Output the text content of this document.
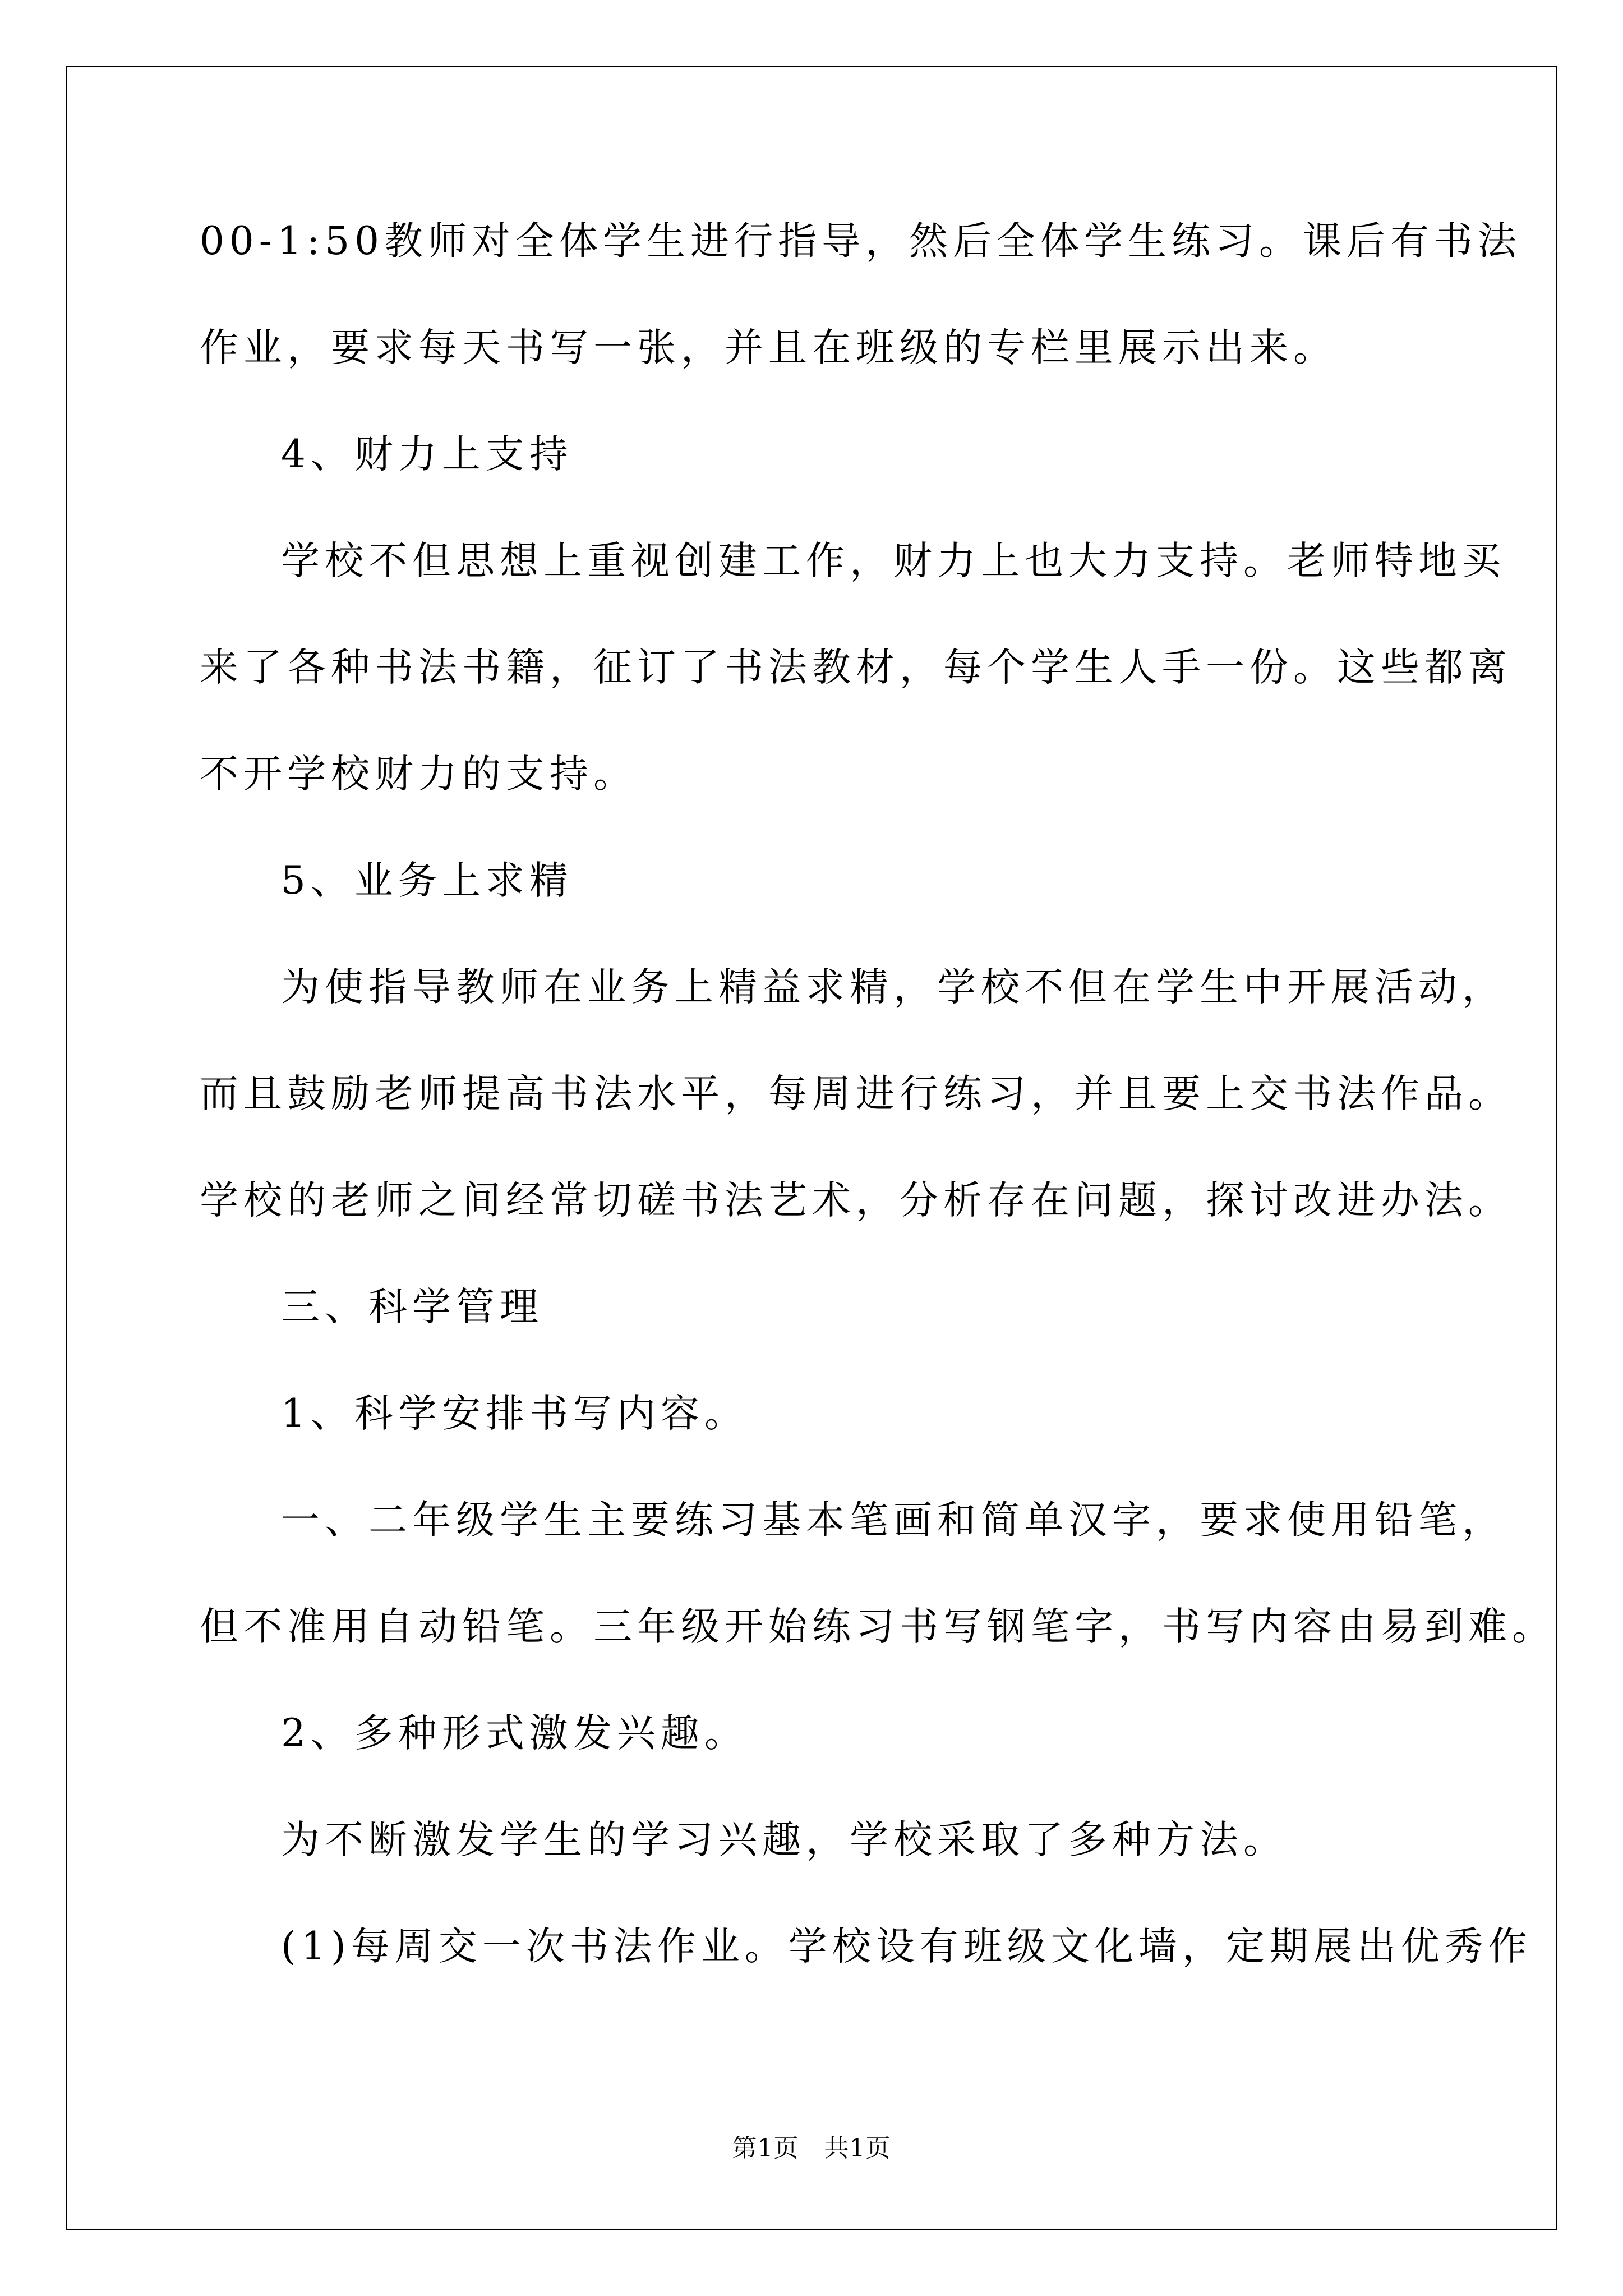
00-1:50教师对全体学生进行指导，然后全体学生练习。课后有书法
作业，要求每天书写一张，并且在班级的专栏里展示出来。
4、财力上支持
学校不但思想上重视创建工作，财力上也大力支持。老师特地买
来了各种书法书籍，征订了书法教材，每个学生人手一份。这些都离
不开学校财力的支持。
5、业务上求精
为使指导教师在业务上精益求精，学校不但在学生中开展活动，
而且鼓励老师提高书法水平，每周进行练习，并且要上交书法作品。
学校的老师之间经常切磋书法艺术，分析存在问题，探讨改进办法。
三、科学管理
1、科学安排书写内容。
一、二年级学生主要练习基本笔画和简单汉字，要求使用铅笔，
但不准用自动铅笔。三年级开始练习书写钢笔字，书写内容由易到难。
2、多种形式激发兴趣。
为不断激发学生的学习兴趣，学校采取了多种方法。
(1)每周交一次书法作业。学校设有班级文化墙，定期展出优秀作
第1页　共1页
